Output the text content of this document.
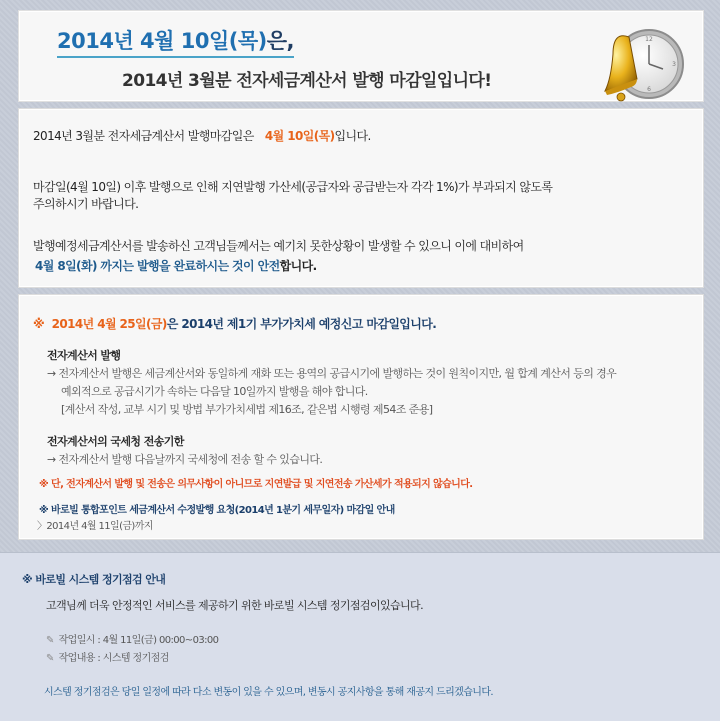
2014년 4월 10일(목)은,
2014년 3월분 전자세금계산서 발행 마감일입니다!
12
3
6
2014년 3월분 전자세금계산서 발행마감일은 4월 10일(목)입니다.
마감일(4월 10일) 이후 발행으로 인해 지연발행 가산세(공급자와 공급받는자 각각 1%)가 부과되지 않도록
주의하시기 바랍니다.
발행예정세금계산서를 발송하신 고객님들께서는 예기치 못한상황이 발생할 수 있으니 이에 대비하여
4월 8일(화) 까지는 발행을 완료하시는 것이 안전합니다.
※ 2014년 4월 25일(금)은 2014년 제1기 부가가치세 예정신고 마감일입니다.
전자계산서 발행
→ 전자계산서 발행은 세금계산서와 동일하게 재화 또는 용역의 공급시기에 발행하는 것이 원칙이지만, 월 합계 계산서 등의 경우
예외적으로 공급시기가 속하는 다음달 10일까지 발행을 해야 합니다.
[계산서 작성, 교부 시기 및 방법 부가가치세법 제16조, 같은법 시행령 제54조 준용]
전자계산서의 국세청 전송기한
→ 전자계산서 발행 다음날까지 국세청에 전송 할 수 있습니다.
※ 단, 전자계산서 발행 및 전송은 의무사항이 아니므로 지연발급 및 지연전송 가산세가 적용되지 않습니다.
※ 바로빌 통합포인트 세금계산서 수정발행 요청(2014년 1분기 세무일자) 마감일 안내
〉2014년 4월 11일(금)까지
※ 바로빌 시스템 정기점검 안내
고객님께 더욱 안정적인 서비스를 제공하기 위한 바로빌 시스템 정기점검이있습니다.
✎ 작업일시 : 4월 11일(금) 00:00~03:00
✎ 작업내용 : 시스템 정기점검
시스템 정기점검은 당일 일정에 따라 다소 변동이 있을 수 있으며, 변동시 공지사항을 통해 재공지 드리겠습니다.
